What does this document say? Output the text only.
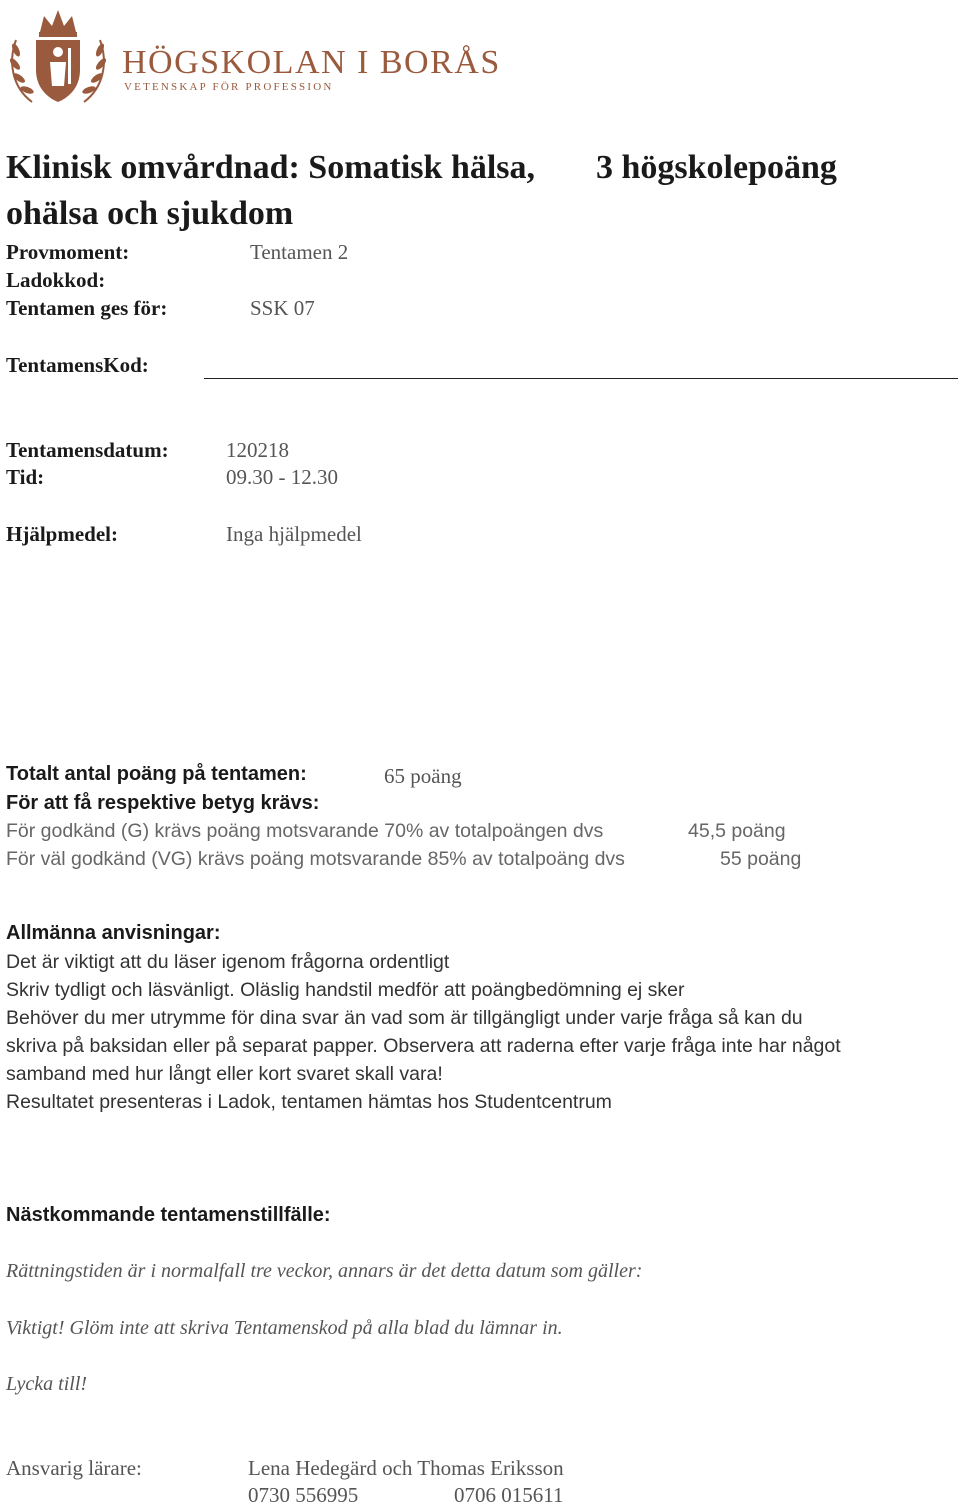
HÖGSKOLAN I BORÅS
VETENSKAP FÖR PROFESSION
Klinisk omvårdnad: Somatisk hälsa, ohälsa och sjukdom
3 högskolepoäng
Provmoment:	Tentamen 2
Ladokkod:
Tentamen ges för:	SSK 07
TentamensKod:
Tentamensdatum:	120218
Tid:	09.30 - 12.30
Hjälpmedel:	Inga hjälpmedel
Totalt antal poäng på tentamen:	65 poäng
För att få respektive betyg krävs:
För godkänd (G) krävs poäng motsvarande 70% av totalpoängen dvs	45,5 poäng
För väl godkänd (VG) krävs poäng motsvarande 85% av totalpoäng dvs	55 poäng
Allmänna anvisningar:
Det är viktigt att du läser igenom frågorna ordentligt
Skriv tydligt och läsvänligt. Oläslig handstil medför att poängbedömning ej sker
Behöver du mer utrymme för dina svar än vad som är tillgängligt under varje fråga så kan du
skriva på baksidan eller på separat papper. Observera att raderna efter varje fråga inte har något
samband med hur långt eller kort svaret skall vara!
Resultatet presenteras i Ladok, tentamen hämtas hos Studentcentrum
Nästkommande tentamenstillfälle:
Rättningstiden är i normalfall tre veckor, annars är det detta datum som gäller:
Viktigt! Glöm inte att skriva Tentamenskod på alla blad du lämnar in.
Lycka till!
Ansvarig lärare:	Lena Hedegärd och Thomas Eriksson
0730 556995	0706 015611
